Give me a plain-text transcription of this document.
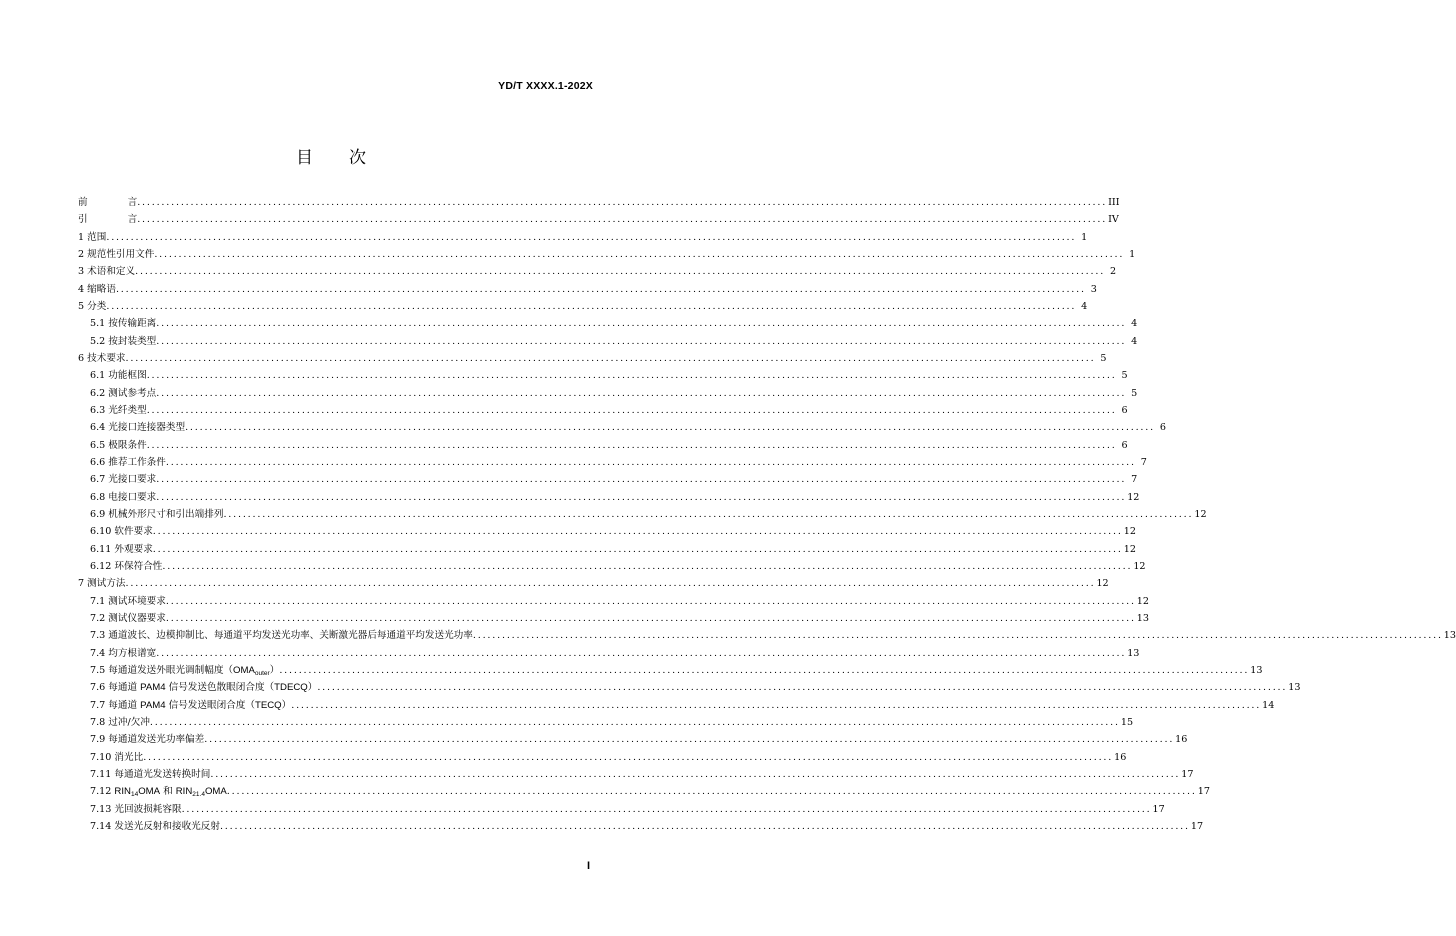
YD/T XXXX.1-202X
目 次
前	言 ........................................................................................................................................................................................................ III
引	言 ........................................................................................................................................................................................................ IV
1 范围 ........................................................................................................................................................................................................ 1
2 规范性引用文件 ........................................................................................................................................................................................................ 1
3 术语和定义 ........................................................................................................................................................................................................ 2
4 缩略语 ........................................................................................................................................................................................................ 3
5 分类 ........................................................................................................................................................................................................ 4
5.1 按传输距离 ........................................................................................................................................................................................................ 4
5.2 按封装类型 ........................................................................................................................................................................................................ 4
6 技术要求 ........................................................................................................................................................................................................ 5
6.1 功能框图 ........................................................................................................................................................................................................ 5
6.2 测试参考点 ........................................................................................................................................................................................................ 5
6.3 光纤类型 ........................................................................................................................................................................................................ 6
6.4 光接口连接器类型 ........................................................................................................................................................................................................ 6
6.5 极限条件 ........................................................................................................................................................................................................ 6
6.6 推荐工作条件 ........................................................................................................................................................................................................ 7
6.7 光接口要求 ........................................................................................................................................................................................................ 7
6.8 电接口要求 ........................................................................................................................................................................................................ 12
6.9 机械外形尺寸和引出端排列 ........................................................................................................................................................................................................ 12
6.10 软件要求 ........................................................................................................................................................................................................ 12
6.11 外观要求 ........................................................................................................................................................................................................ 12
6.12 环保符合性 ........................................................................................................................................................................................................ 12
7 测试方法 ........................................................................................................................................................................................................ 12
7.1 测试环境要求 ........................................................................................................................................................................................................ 12
7.2 测试仪器要求 ........................................................................................................................................................................................................ 13
7.3 通道波长、边模抑制比、每通道平均发送光功率、关断激光器后每通道平均发送光功率 ........................................................................................................................................................................................................ 13
7.4 均方根谱宽 ........................................................................................................................................................................................................ 13
7.5 每通道发送外眼光调制幅度$(OMA_{outer})$ ........................................................................................................................................................................................................ 13
7.6 每通道 PAM4 信号发送色散眼闭合度（TDECQ） ........................................................................................................................................................................................................ 13
7.7 每通道 PAM4 信号发送眼闭合度（TECQ） ........................................................................................................................................................................................................ 14
7.8 过冲/欠冲 ........................................................................................................................................................................................................ 15
7.9 每通道发送光功率偏差 ........................................................................................................................................................................................................ 16
7.10 消光比 ........................................................................................................................................................................................................ 16
7.11 每通道光发送转换时间 ........................................................................................................................................................................................................ 17
7.12 $RIN_{14}OMA$ 和 $RIN_{21.4}OMA$ ........................................................................................................................................................................................................ 17
7.13 光回波损耗容限 ........................................................................................................................................................................................................ 17
7.14 发送光反射和接收光反射 ........................................................................................................................................................................................................ 17
I
